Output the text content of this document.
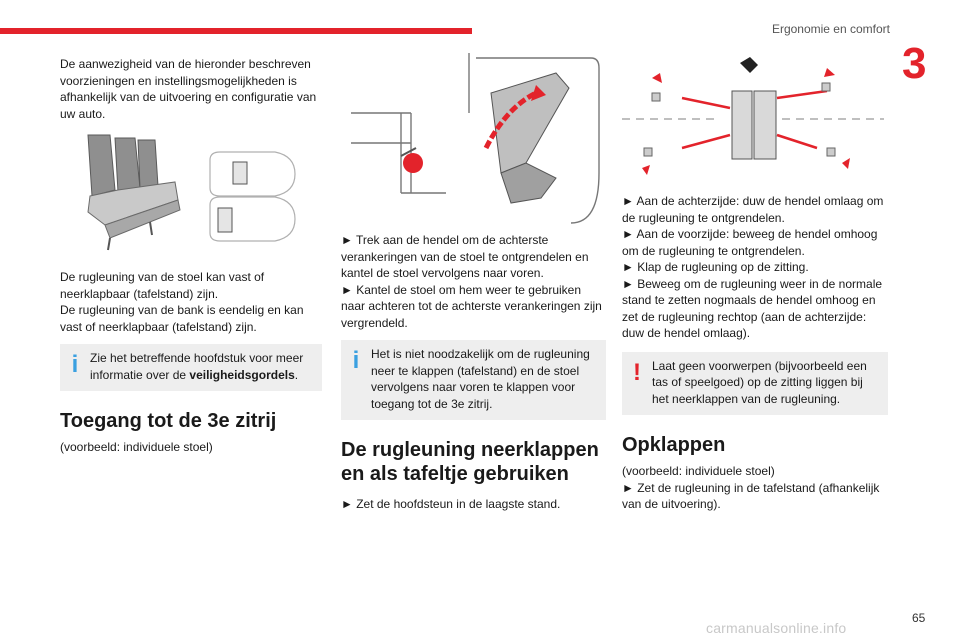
Ergonomie en comfort
3

De aanwezigheid van de hieronder beschreven voorzieningen en instellingsmogelijkheden is afhankelijk van de uitvoering en configuratie van uw auto.

De rugleuning van de stoel kan vast of neerklapbaar (tafelstand) zijn.

De rugleuning van de bank is eendelig en kan vast of neerklapbaar (tafelstand) zijn.

i Zie het betreffende hoofdstuk voor meer informatie over de veiligheidsgordels.
Toegang tot de 3e zitrij

(voorbeeld: individuele stoel)

► Trek aan de hendel om de achterste verankeringen van de stoel te ontgrendelen en kantel de stoel vervolgens naar voren.

► Kantel de stoel om hem weer te gebruiken naar achteren tot de achterste verankeringen zijn vergrendeld.

i Het is niet noodzakelijk om de rugleuning neer te klappen (tafelstand) en de stoel vervolgens naar voren te klappen voor toegang tot de 3e zitrij.
De rugleuning neerklappen en als tafeltje gebruiken

► Zet de hoofdsteun in de laagste stand.

► Aan de achterzijde: duw de hendel omlaag om de rugleuning te ontgrendelen.

► Aan de voorzijde: beweeg de hendel omhoog om de rugleuning te ontgrendelen.

► Klap de rugleuning op de zitting.

► Beweeg om de rugleuning weer in de normale stand te zetten nogmaals de hendel omhoog en zet de rugleuning rechtop (aan de achterzijde: duw de hendel omlaag).

! Laat geen voorwerpen (bijvoorbeeld een tas of speelgoed) op de zitting liggen bij het neerklappen van de rugleuning.
Opklappen

(voorbeeld: individuele stoel)

► Zet de rugleuning in de tafelstand (afhankelijk van de uitvoering).

65
carmanualsonline.info
